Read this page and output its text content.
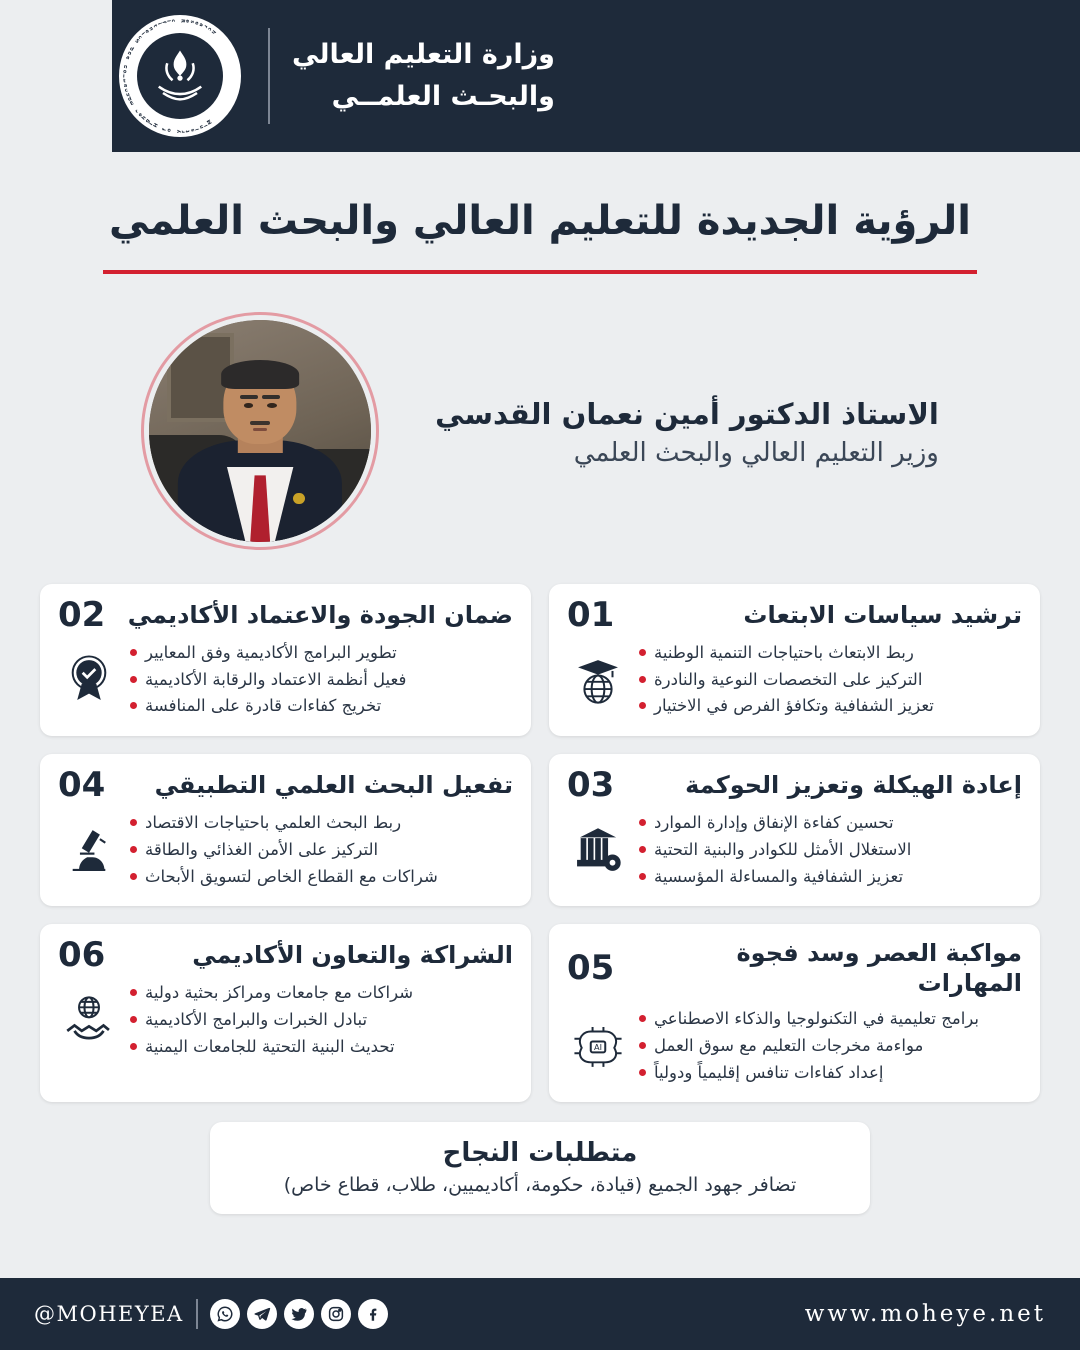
M
i
n
i
s
t
r
y
o
f
H
i
g
h
e
r
E
d
u
c
a
t
i
o
n
a
n
d
S
c
i
e
n
t
i
f
i
c R
e
s
e
a
r
c
h
وزارة التعليم العالي
والبحـث العلمــي
الرؤية الجديدة للتعليم العالي والبحث العلمي
الاستاذ الدكتور أمين نعمان القدسي
وزير التعليم العالي والبحث العلمي
ترشيد سياسات الابتعاث
01
ربط الابتعاث باحتياجات التنمية الوطنية
التركيز على التخصصات النوعية والنادرة
تعزيز الشفافية وتكافؤ الفرص في الاختيار
ضمان الجودة والاعتماد الأكاديمي
02
تطوير البرامج الأكاديمية وفق المعايير
فعيل أنظمة الاعتماد والرقابة الأكاديمية
تخريج كفاءات قادرة على المنافسة
إعادة الهيكلة وتعزيز الحوكمة
03
تحسين كفاءة الإنفاق وإدارة الموارد
الاستغلال الأمثل للكوادر والبنية التحتية
تعزيز الشفافية والمساءلة المؤسسية
تفعيل البحث العلمي التطبيقي
04
ربط البحث العلمي باحتياجات الاقتصاد
التركيز على الأمن الغذائي والطاقة
شراكات مع القطاع الخاص لتسويق الأبحاث
مواكبة العصر وسد فجوة المهارات
05
برامج تعليمية في التكنولوجيا والذكاء الاصطناعي
مواءمة مخرجات التعليم مع سوق العمل
إعداد كفاءات تنافس إقليمياً ودولياً
AI
الشراكة والتعاون الأكاديمي
06
شراكات مع جامعات ومراكز بحثية دولية
تبادل الخبرات والبرامج الأكاديمية
تحديث البنية التحتية للجامعات اليمنية
متطلبات النجاح
تضافر جهود الجميع (قيادة، حكومة، أكاديميين، طلاب، قطاع خاص)
www.moheye.net
@MOHEYEA
